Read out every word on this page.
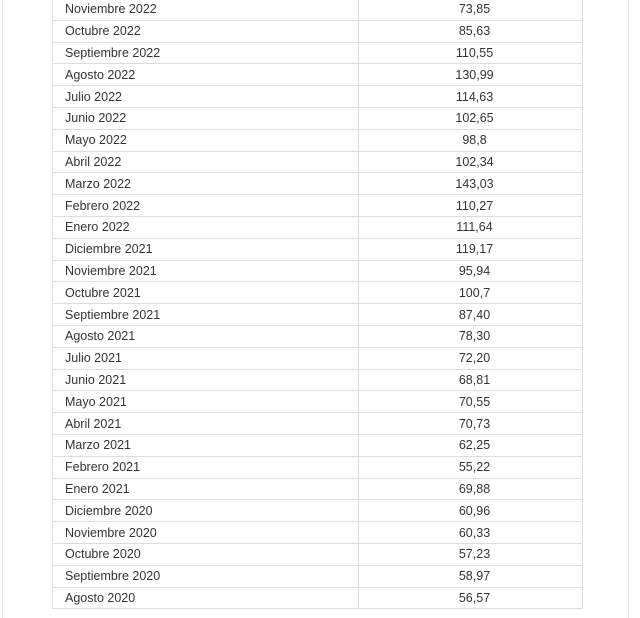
Noviembre 2022	73,85
Octubre 2022	85,63
Septiembre 2022	110,55
Agosto 2022	130,99
Julio 2022	114,63
Junio 2022	102,65
Mayo 2022	98,8
Abril 2022	102,34
Marzo 2022	143,03
Febrero 2022	110,27
Enero 2022	111,64
Diciembre 2021	119,17
Noviembre 2021	95,94
Octubre 2021	100,7
Septiembre 2021	87,40
Agosto 2021	78,30
Julio 2021	72,20
Junio 2021	68,81
Mayo 2021	70,55
Abril 2021	70,73
Marzo 2021	62,25
Febrero 2021	55,22
Enero 2021	69,88
Diciembre 2020	60,96
Noviembre 2020	60,33
Octubre 2020	57,23
Septiembre 2020	58,97
Agosto 2020	56,57
